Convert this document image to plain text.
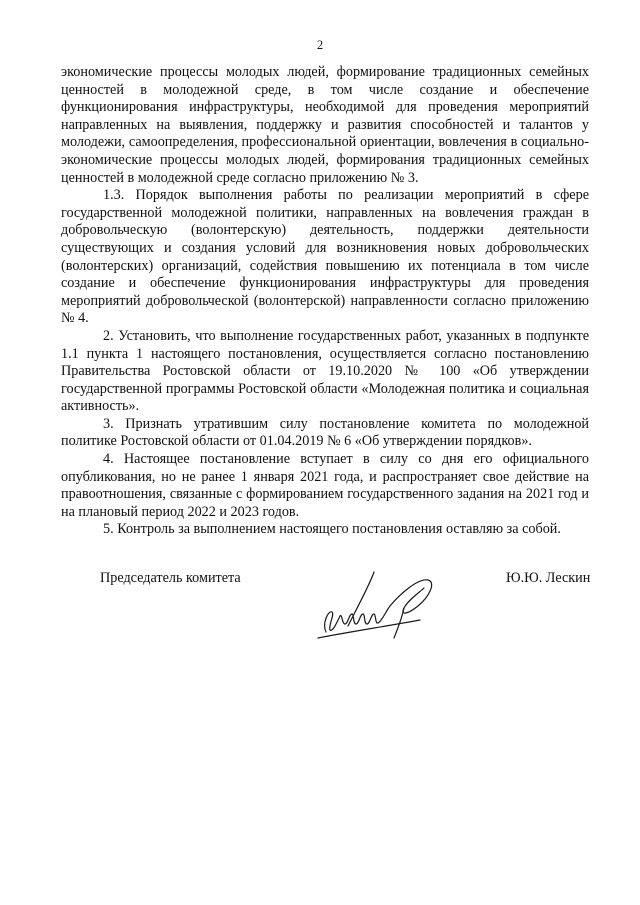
2

экономические процессы молодых людей, формирование традиционных семейных ценностей в молодежной среде, в том числе создание и обеспечение функционирования инфраструктуры, необходимой для проведения мероприятий направленных на выявления, поддержку и развития способностей и талантов у молодежи, самоопределения, профессиональной ориентации, вовлечения в социально-экономические процессы молодых людей, формирования традиционных семейных ценностей в молодежной среде согласно приложению № 3.

1.3. Порядок выполнения работы по реализации мероприятий в сфере государственной молодежной политики, направленных на вовлечения граждан в добровольческую (волонтерскую) деятельность, поддержки деятельности существующих и создания условий для возникновения новых добровольческих (волонтерских) организаций, содействия повышению их потенциала в том числе создание и обеспечение функционирования инфраструктуры для проведения мероприятий добровольческой (волонтерской) направленности согласно приложению № 4.

2. Установить, что выполнение государственных работ, указанных в подпункте 1.1 пункта 1 настоящего постановления, осуществляется согласно постановлению Правительства Ростовской области от 19.10.2020 № 100 «Об утверждении государственной программы Ростовской области «Молодежная политика и социальная активность».

3. Признать утратившим силу постановление комитета по молодежной политике Ростовской области от 01.04.2019 № 6 «Об утверждении порядков».

4. Настоящее постановление вступает в силу со дня его официального опубликования, но не ранее 1 января 2021 года, и распространяет свое действие на правоотношения, связанные с формированием государственного задания на 2021 год и на плановый период 2022 и 2023 годов.

5. Контроль за выполнением настоящего постановления оставляю за собой.

Председатель комитета	Ю.Ю. Лескин
